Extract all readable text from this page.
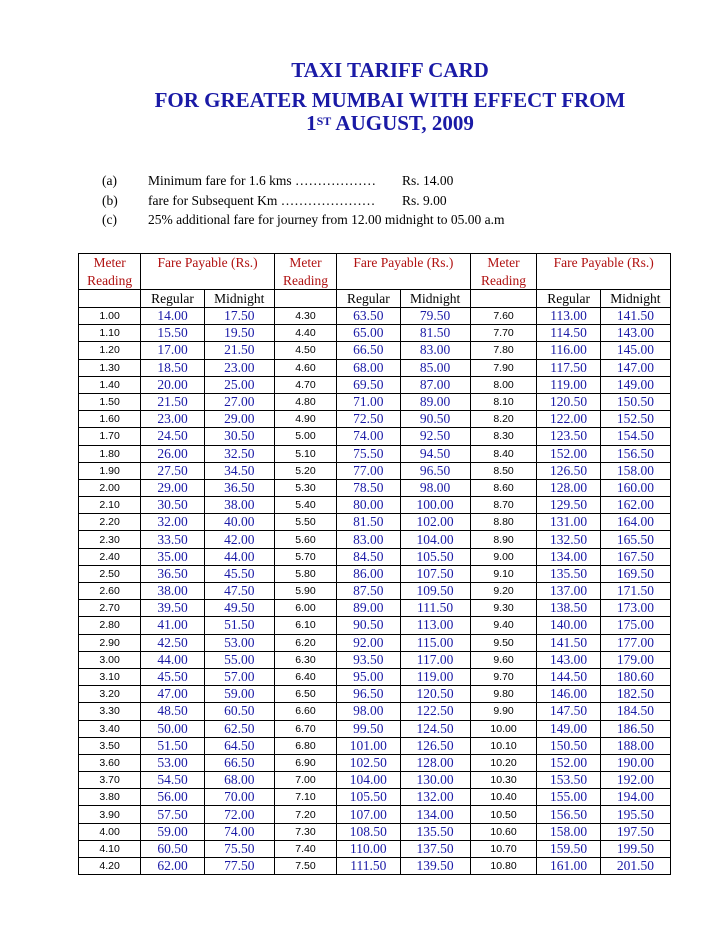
TAXI TARIFF CARD
FOR GREATER MUMBAI WITH EFFECT FROM
1ST AUGUST, 2009
(a) Minimum fare for 1.6 kms ……………… Rs. 14.00
(b) fare for Subsequent Km ………………… Rs. 9.00
(c) 25% additional fare for journey from 12.00 midnight to 05.00 a.m
Meter	Fare Payable (Rs.)		Meter	Fare Payable (Rs.)		Meter	Fare Payable (Rs.)	
Reading			Reading			Reading		
	Regular	Midnight		Regular	Midnight		Regular	Midnight
1.00	14.00	17.50	4.30	63.50	79.50	7.60	113.00	141.50
1.10	15.50	19.50	4.40	65.00	81.50	7.70	114.50	143.00
1.20	17.00	21.50	4.50	66.50	83.00	7.80	116.00	145.00
1.30	18.50	23.00	4.60	68.00	85.00	7.90	117.50	147.00
1.40	20.00	25.00	4.70	69.50	87.00	8.00	119.00	149.00
1.50	21.50	27.00	4.80	71.00	89.00	8.10	120.50	150.50
1.60	23.00	29.00	4.90	72.50	90.50	8.20	122.00	152.50
1.70	24.50	30.50	5.00	74.00	92.50	8.30	123.50	154.50
1.80	26.00	32.50	5.10	75.50	94.50	8.40	152.00	156.50
1.90	27.50	34.50	5.20	77.00	96.50	8.50	126.50	158.00
2.00	29.00	36.50	5.30	78.50	98.00	8.60	128.00	160.00
2.10	30.50	38.00	5.40	80.00	100.00	8.70	129.50	162.00
2.20	32.00	40.00	5.50	81.50	102.00	8.80	131.00	164.00
2.30	33.50	42.00	5.60	83.00	104.00	8.90	132.50	165.50
2.40	35.00	44.00	5.70	84.50	105.50	9.00	134.00	167.50
2.50	36.50	45.50	5.80	86.00	107.50	9.10	135.50	169.50
2.60	38.00	47.50	5.90	87.50	109.50	9.20	137.00	171.50
2.70	39.50	49.50	6.00	89.00	111.50	9.30	138.50	173.00
2.80	41.00	51.50	6.10	90.50	113.00	9.40	140.00	175.00
2.90	42.50	53.00	6.20	92.00	115.00	9.50	141.50	177.00
3.00	44.00	55.00	6.30	93.50	117.00	9.60	143.00	179.00
3.10	45.50	57.00	6.40	95.00	119.00	9.70	144.50	180.60
3.20	47.00	59.00	6.50	96.50	120.50	9.80	146.00	182.50
3.30	48.50	60.50	6.60	98.00	122.50	9.90	147.50	184.50
3.40	50.00	62.50	6.70	99.50	124.50	10.00	149.00	186.50
3.50	51.50	64.50	6.80	101.00	126.50	10.10	150.50	188.00
3.60	53.00	66.50	6.90	102.50	128.00	10.20	152.00	190.00
3.70	54.50	68.00	7.00	104.00	130.00	10.30	153.50	192.00
3.80	56.00	70.00	7.10	105.50	132.00	10.40	155.00	194.00
3.90	57.50	72.00	7.20	107.00	134.00	10.50	156.50	195.50
4.00	59.00	74.00	7.30	108.50	135.50	10.60	158.00	197.50
4.10	60.50	75.50	7.40	110.00	137.50	10.70	159.50	199.50
4.20	62.00	77.50	7.50	111.50	139.50	10.80	161.00	201.50
